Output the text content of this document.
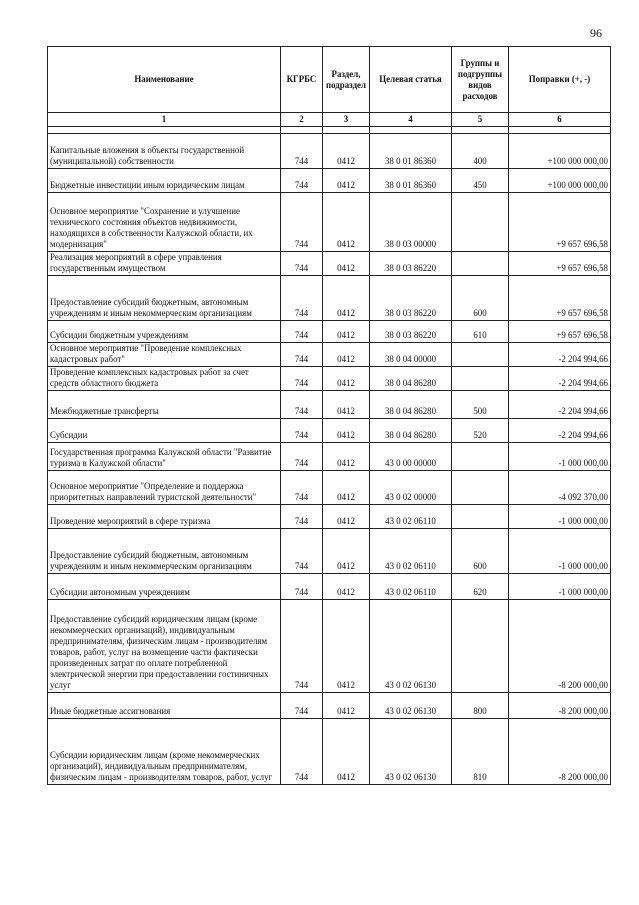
96
Наименование	КГРБС	Раздел, подраздел	Целевая статья	Группы и подгруппы видов расходов	Поправки (+, -)
1	2	3	4	5	6

Капитальные вложения в объекты государственной (муниципальной) собственности	744	0412	38 0 01 86360	400	+100 000 000,00
Бюджетные инвестиции иным юридическим лицам	744	0412	38 0 01 86360	450	+100 000 000,00
Основное мероприятие "Сохранение и улучшение технического состояния объектов недвижимости, находящихся в собственности Калужской области, их модернизация"	744	0412	38 0 03 00000		+9 657 696,58
Реализация мероприятий в сфере управления государственным имуществом	744	0412	38 0 03 86220		+9 657 696,58
Предоставление субсидий бюджетным, автономным учреждениям и иным некоммерческим организациям	744	0412	38 0 03 86220	600	+9 657 696,58
Субсидии бюджетным учреждениям	744	0412	38 0 03 86220	610	+9 657 696,58
Основное мероприятие "Проведение комплексных кадастровых работ"	744	0412	38 0 04 00000		-2 204 994,66
Проведение комплексных кадастровых работ за счет средств областного бюджета	744	0412	38 0 04 86280		-2 204 994,66
Межбюджетные трансферты	744	0412	38 0 04 86280	500	-2 204 994,66
Субсидии	744	0412	38 0 04 86280	520	-2 204 994,66
Государственная программа Калужской области "Развитие туризма в Калужской области"	744	0412	43 0 00 00000		-1 000 000,00
Основное мероприятие "Определение и поддержка приоритетных направлений туристской деятельности"	744	0412	43 0 02 00000		-4 092 370,00
Проведение мероприятий в сфере туризма	744	0412	43 0 02 06110		-1 000 000,00
Предоставление субсидий бюджетным, автономным учреждениям и иным некоммерческим организациям	744	0412	43 0 02 06110	600	-1 000 000,00
Субсидии автономным учреждениям	744	0412	43 0 02 06110	620	-1 000 000,00
Предоставление субсидий юридическим лицам (кроме некоммерческих организаций), индивидуальным предпринимателям, физическим лицам - производителям товаров, работ, услуг на возмещение части фактически произведенных затрат по оплате потребленной электрической энергии при предоставлении гостиничных услуг	744	0412	43 0 02 06130		-8 200 000,00
Иные бюджетные ассигнования	744	0412	43 0 02 06130	800	-8 200 000,00
Субсидии юридическим лицам (кроме некоммерческих организаций), индивидуальным предпринимателям, физическим лицам - производителям товаров, работ, услуг	744	0412	43 0 02 06130	810	-8 200 000,00
